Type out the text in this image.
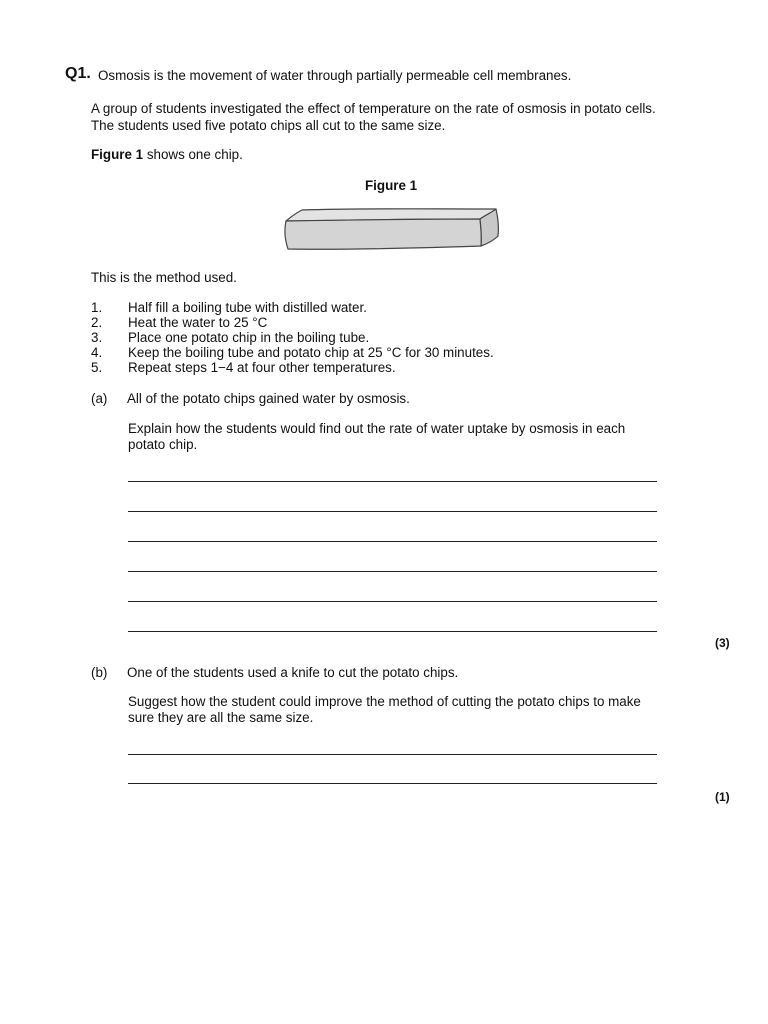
Q1. Osmosis is the movement of water through partially permeable cell membranes.
A group of students investigated the effect of temperature on the rate of osmosis in potato cells.
The students used five potato chips all cut to the same size.
Figure 1 shows one chip.
Figure 1
This is the method used.
1. Half fill a boiling tube with distilled water.
2. Heat the water to 25 °C
3. Place one potato chip in the boiling tube.
4. Keep the boiling tube and potato chip at 25 °C for 30 minutes.
5. Repeat steps 1−4 at four other temperatures.
(a) All of the potato chips gained water by osmosis.
Explain how the students would find out the rate of water uptake by osmosis in each
potato chip.
(3)
(b) One of the students used a knife to cut the potato chips.
Suggest how the student could improve the method of cutting the potato chips to make
sure they are all the same size.
(1)
